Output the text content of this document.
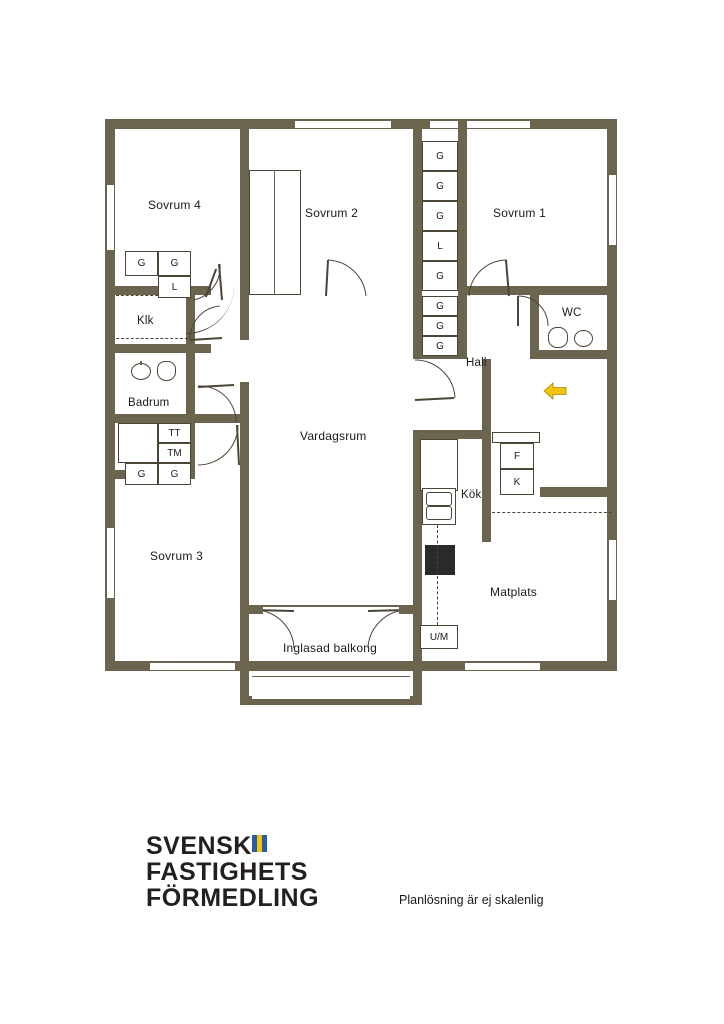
Sovrum 4
G	G
L
Klk
Badrum
TT
TM
G	G
Sovrum 3
Sovrum 2
Vardagsrum
G
G
G
L
G
G
G
G
Sovrum 1
WC
Hall
Kök
U/M
F
K
Matplats
Inglasad balkong
SVENSK
FASTIGHETS
FÖRMEDLING	Planlösning är ej skalenlig
